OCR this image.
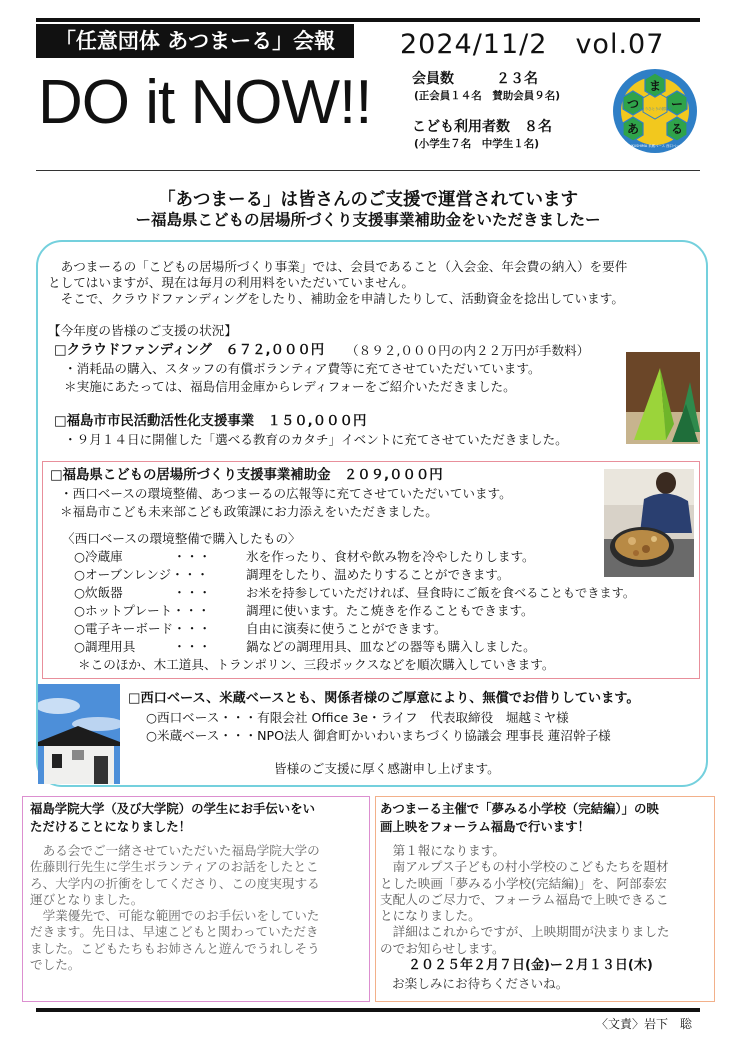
「任意団体 あつまーる」会報	2024/11/2　vol.07
DO it NOW!!	会員数　　　２３名
(正会員１４名　賛助会員９名)
こども利用者数　８名
(小学生７名　中学生１名)
ま
つ	ー
あ	る
ひとりひとりの居場所
FUKUSHIMA 米蔵ベース 西口ベース
「あつまーる」は皆さんのご支援で運営されています
ー福島県こどもの居場所づくり支援事業補助金をいただきましたー
　あつまーるの「こどもの居場所づくり事業」では、会員であること（入会金、年会費の納入）を要件
としてはいますが、現在は毎月の利用料をいただいていません。
　そこで、クラウドファンディングをしたり、補助金を申請したりして、活動資金を捻出しています。
【今年度の皆様のご支援の状況】
□クラウドファンディング　６７２,０００円 （８９２,０００円の内２２万円が手数料）
・消耗品の購入、スタッフの有償ボランティア費等に充てさせていただいています。
＊実施にあたっては、福島信用金庫からレディフォーをご紹介いただきました。
□福島市市民活動活性化支援事業　１５０,０００円
・９月１４日に開催した「選べる教育のカタチ」イベントに充てさせていただきました。
□福島県こどもの居場所づくり支援事業補助金　２０９,０００円
・西口ベースの環境整備、あつまーるの広報等に充てさせていただいています。
＊福島市こども未来部こども政策課にお力添えをいただきました。
〈西口ベースの環境整備で購入したもの〉
○冷蔵庫　　　　・・・	氷を作ったり、食材や飲み物を冷やしたりします。
○オーブンレンジ・・・	調理をしたり、温めたりすることができます。
○炊飯器　　　　・・・	お米を持参していただければ、昼食時にご飯を食べることもできます。
○ホットプレート・・・	調理に使います。たこ焼きを作ることもできます。
○電子キーボード・・・	自由に演奏に使うことができます。
○調理用具　　　・・・	鍋などの調理用具、皿などの器等も購入しました。
＊このほか、木工道具、トランポリン、三段ボックスなどを順次購入していきます。
□西口ベース、米蔵ベースとも、関係者様のご厚意により、無償でお借りしています。
○西口ベース・・・有限会社 Office 3e・ライフ　代表取締役　堀越ミヤ様
○米蔵ベース・・・NPO法人 御倉町かいわいまちづくり協議会 理事長 蓮沼幹子様
皆様のご支援に厚く感謝申し上げます。
福島学院大学（及び大学院）の学生にお手伝いをい
ただけることになりました！
　ある会でご一緒させていただいた福島学院大学の
佐藤則行先生に学生ボランティアのお話をしたとこ
ろ、大学内の折衝をしてくださり、この度実現する
運びとなりました。
　学業優先で、可能な範囲でのお手伝いをしていた
だきます。先日は、早速こどもと関わっていただき
ました。こどもたちもお姉さんと遊んでうれしそう
でした。
あつまーる主催で「夢みる小学校（完結編）」の映
画上映をフォーラム福島で行います！
　第１報になります。
　南アルプス子どもの村小学校のこどもたちを題材
とした映画「夢みる小学校(完結編)」を、阿部泰宏
支配人のご尽力で、フォーラム福島で上映できるこ
とになりました。
　詳細はこれからですが、上映期間が決まりました
のでお知らせします。
２０２５年２月７日(金)ー２月１３日(木)
お楽しみにお待ちくださいね。
〈文責〉岩下　聡
